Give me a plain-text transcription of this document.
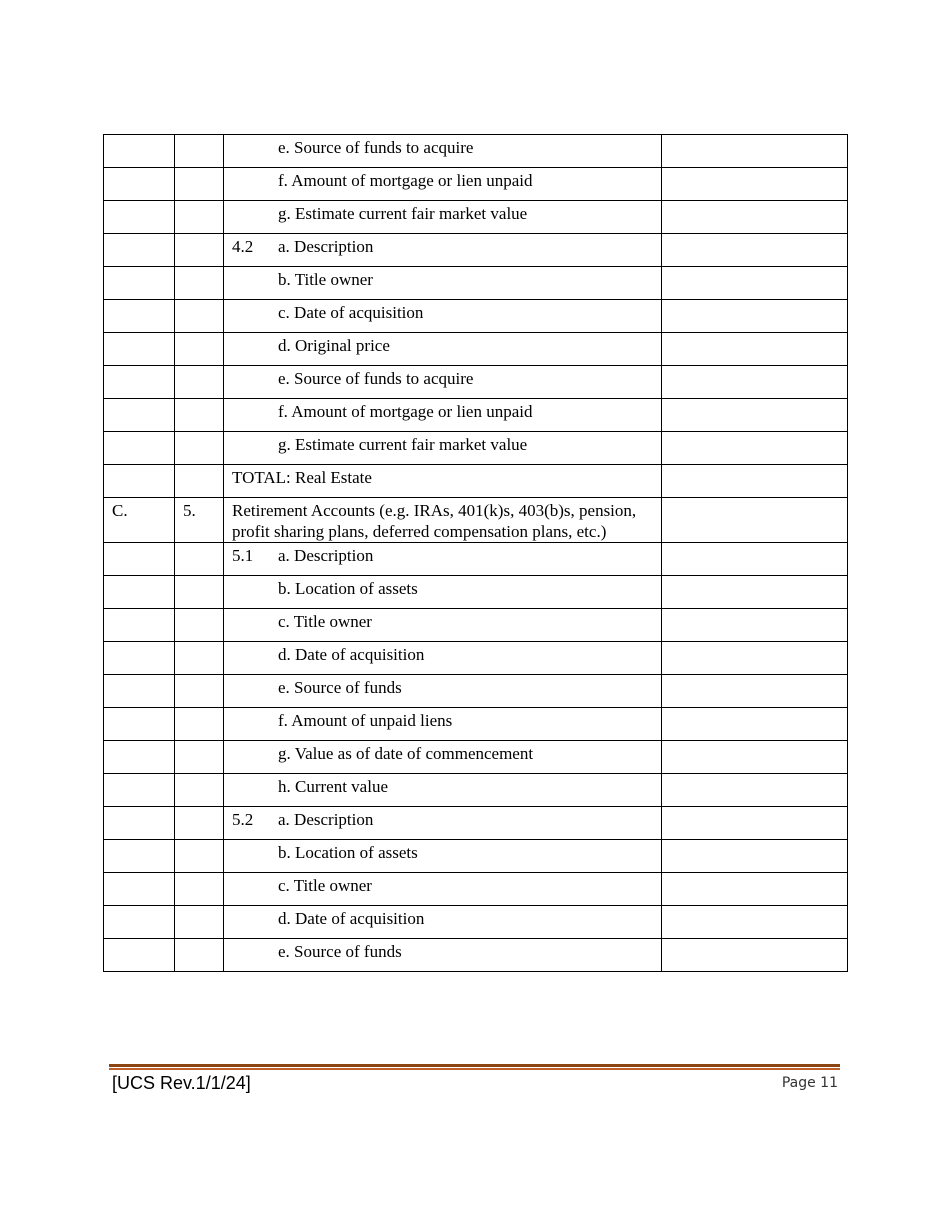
		e. Source of funds to acquire	
		f. Amount of mortgage or lien unpaid	
		g. Estimate current fair market value	
		4.2 a. Description	
		b. Title owner	
		c. Date of acquisition	
		d. Original price	
		e. Source of funds to acquire	
		f. Amount of mortgage or lien unpaid	
		g. Estimate current fair market value	
		TOTAL: Real Estate	
C.	5.	Retirement Accounts (e.g. IRAs, 401(k)s, 403(b)s, pension, profit sharing plans, deferred compensation plans, etc.)	
		5.1 a. Description	
		b. Location of assets	
		c. Title owner	
		d. Date of acquisition	
		e. Source of funds	
		f. Amount of unpaid liens	
		g. Value as of date of commencement	
		h. Current value	
		5.2 a. Description	
		b. Location of assets	
		c. Title owner	
		d. Date of acquisition	
		e. Source of funds	
[UCS Rev.1/1/24]	Page 11
